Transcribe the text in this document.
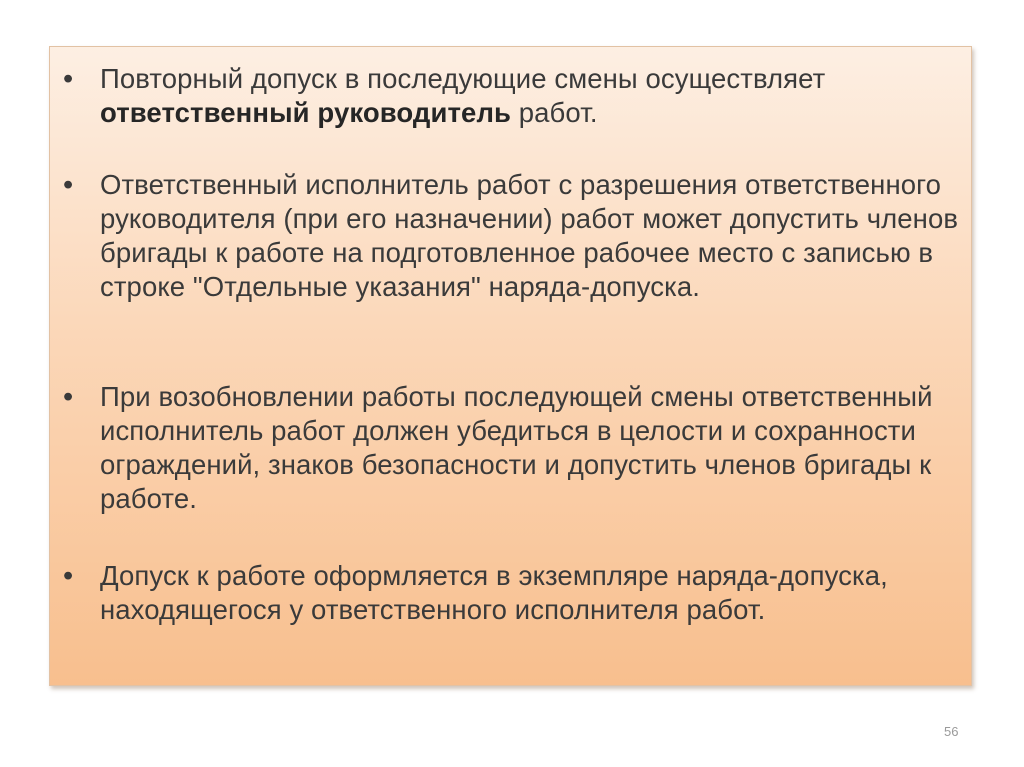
• Повторный допуск в последующие смены осуществляет ответственный руководитель работ.
• Ответственный исполнитель работ с разрешения ответственного руководителя (при его назначении) работ может допустить членов бригады к работе на подготовленное рабочее место с записью в строке "Отдельные указания" наряда-допуска.
• При возобновлении работы последующей смены ответственный исполнитель работ должен убедиться в целости и сохранности ограждений, знаков безопасности и допустить членов бригады к работе.
• Допуск к работе оформляется в экземпляре наряда-допуска, находящегося у ответственного исполнителя работ.
56
